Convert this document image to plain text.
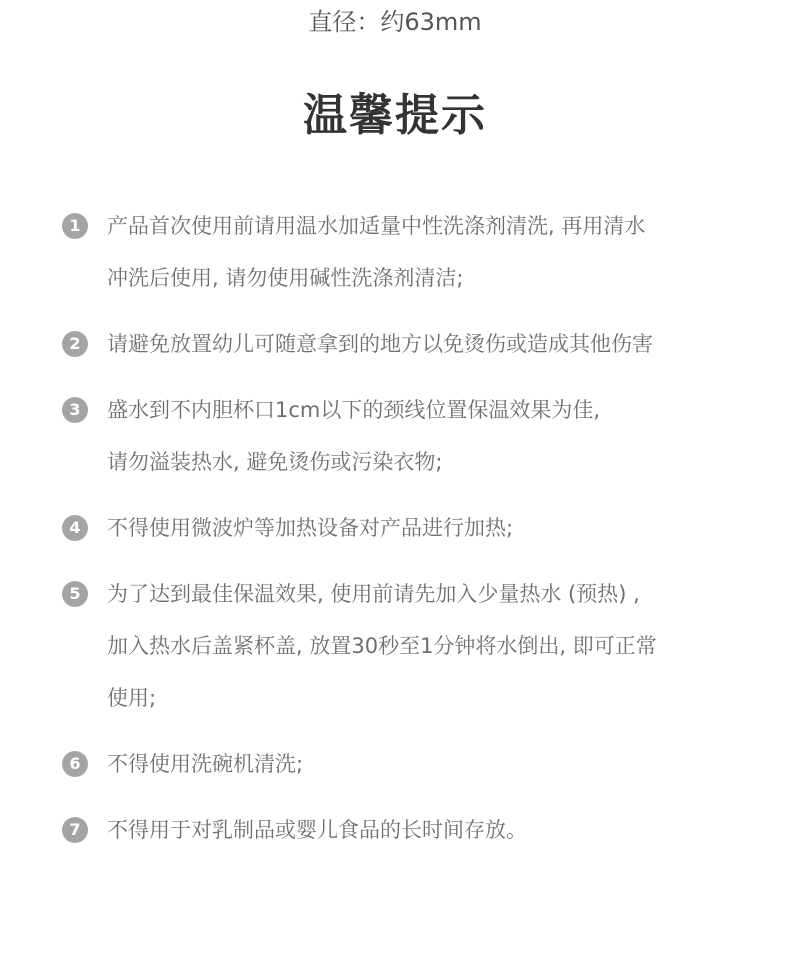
直径：约63mm
温馨提示
1	产品首次使用前请用温水加适量中性洗涤剂清洗, 再用清水
冲洗后使用, 请勿使用碱性洗涤剂清洁;
2	请避免放置幼儿可随意拿到的地方以免烫伤或造成其他伤害
3	盛水到不内胆杯口1cm以下的颈线位置保温效果为佳,
请勿溢装热水, 避免烫伤或污染衣物;
4	不得使用微波炉等加热设备对产品进行加热;
5	为了达到最佳保温效果, 使用前请先加入少量热水 (预热) ,
加入热水后盖紧杯盖, 放置30秒至1分钟将水倒出, 即可正常
使用;
6	不得使用洗碗机清洗;
7	不得用于对乳制品或婴儿食品的长时间存放。
